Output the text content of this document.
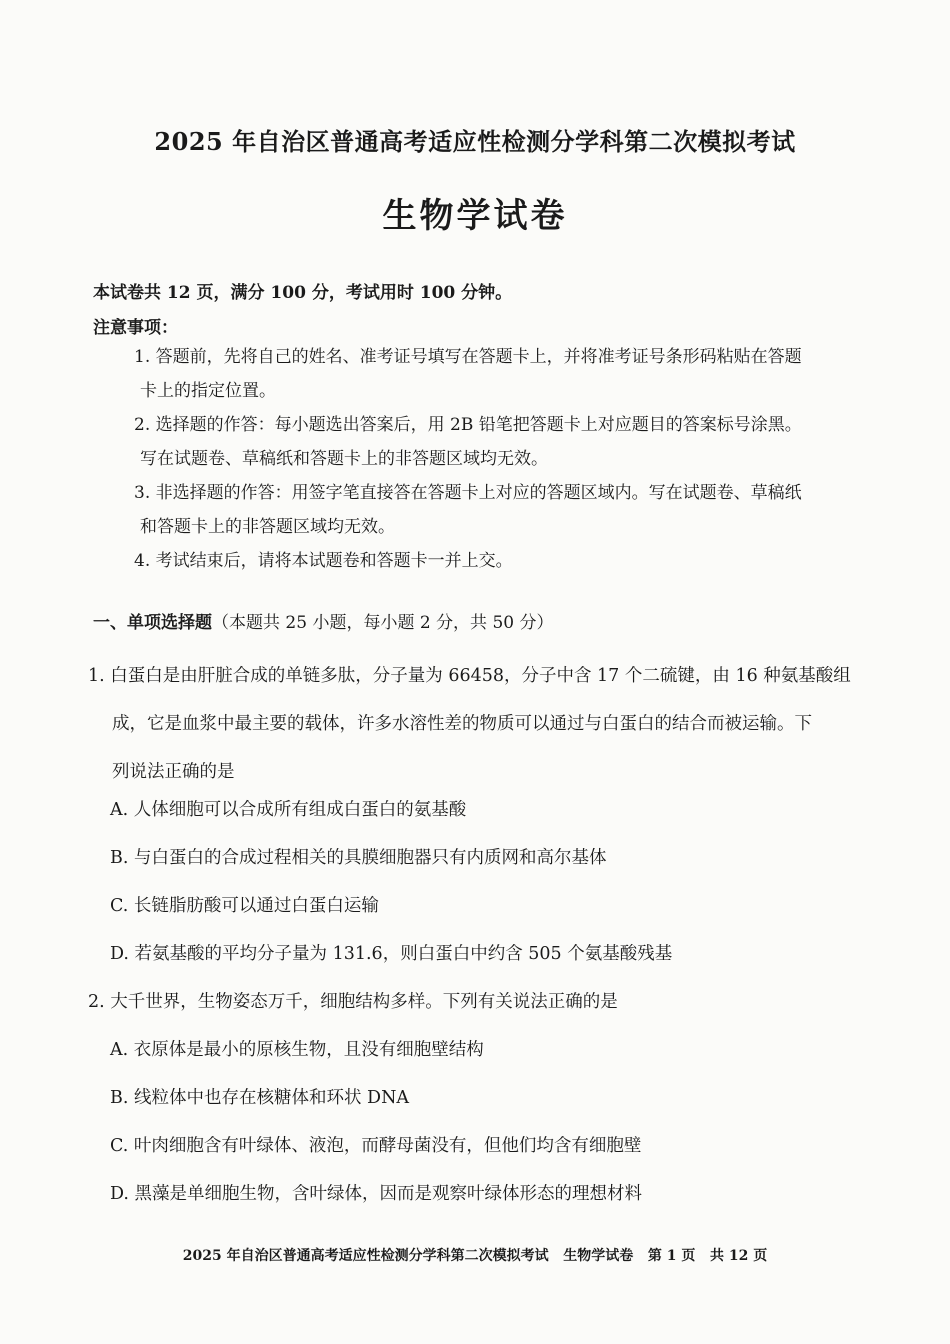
2025 年自治区普通高考适应性检测分学科第二次模拟考试
生物学试卷
本试卷共 12 页，满分 100 分，考试用时 100 分钟。
注意事项：

1. 答题前，先将自己的姓名、准考证号填写在答题卡上，并将准考证号条形码粘贴在答题
卡上的指定位置。

2. 选择题的作答：每小题选出答案后，用 2B 铅笔把答题卡上对应题目的答案标号涂黑。
写在试题卷、草稿纸和答题卡上的非答题区域均无效。

3. 非选择题的作答：用签字笔直接答在答题卡上对应的答题区域内。写在试题卷、草稿纸
和答题卡上的非答题区域均无效。

4. 考试结束后，请将本试题卷和答题卡一并上交。

一、单项选择题（本题共 25 小题，每小题 2 分，共 50 分）
1. 白蛋白是由肝脏合成的单链多肽，分子量为 66458，分子中含 17 个二硫键，由 16 种氨基酸组
成，它是血浆中最主要的载体，许多水溶性差的物质可以通过与白蛋白的结合而被运输。下
列说法正确的是
A. 人体细胞可以合成所有组成白蛋白的氨基酸
B. 与白蛋白的合成过程相关的具膜细胞器只有内质网和高尔基体
C. 长链脂肪酸可以通过白蛋白运输
D. 若氨基酸的平均分子量为 131.6，则白蛋白中约含 505 个氨基酸残基
2. 大千世界，生物姿态万千，细胞结构多样。下列有关说法正确的是
A. 衣原体是最小的原核生物，且没有细胞壁结构
B. 线粒体中也存在核糖体和环状 DNA
C. 叶肉细胞含有叶绿体、液泡，而酵母菌没有，但他们均含有细胞壁
D. 黑藻是单细胞生物，含叶绿体，因而是观察叶绿体形态的理想材料
2025 年自治区普通高考适应性检测分学科第二次模拟考试   生物学试卷   第 1 页   共 12 页
